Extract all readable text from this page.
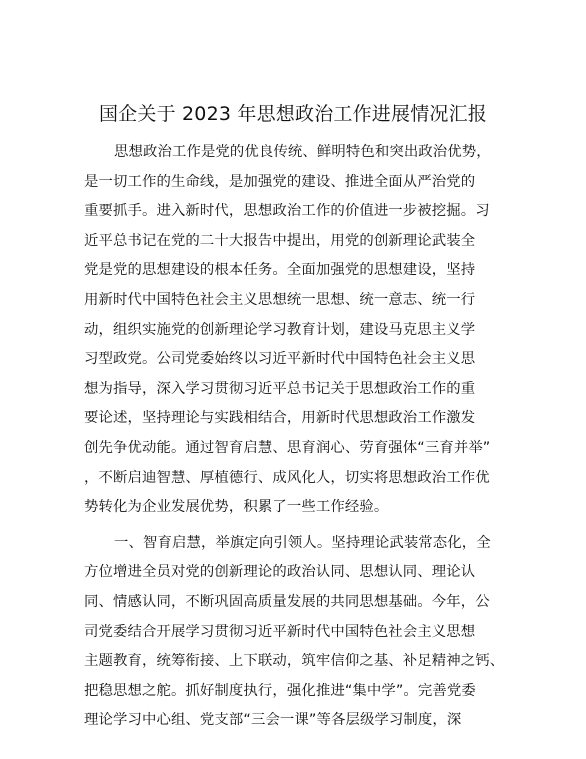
国企关于 2023 年思想政治工作进展情况汇报
思想政治工作是党的优良传统、鲜明特色和突出政治优势，
是一切工作的生命线，是加强党的建设、推进全面从严治党的
重要抓手。进入新时代，思想政治工作的价值进一步被挖掘。习
近平总书记在党的二十大报告中提出，用党的创新理论武装全
党是党的思想建设的根本任务。全面加强党的思想建设，坚持
用新时代中国特色社会主义思想统一思想、统一意志、统一行
动，组织实施党的创新理论学习教育计划，建设马克思主义学
习型政党。公司党委始终以习近平新时代中国特色社会主义思
想为指导，深入学习贯彻习近平总书记关于思想政治工作的重
要论述，坚持理论与实践相结合，用新时代思想政治工作激发
创先争优动能。通过智育启慧、思育润心、劳育强体“三育并举”
，不断启迪智慧、厚植德行、成风化人，切实将思想政治工作优
势转化为企业发展优势，积累了一些工作经验。
一、智育启慧，举旗定向引领人。坚持理论武装常态化，全
方位增进全员对党的创新理论的政治认同、思想认同、理论认
同、情感认同，不断巩固高质量发展的共同思想基础。今年，公
司党委结合开展学习贯彻习近平新时代中国特色社会主义思想
主题教育，统筹衔接、上下联动，筑牢信仰之基、补足精神之钙、
把稳思想之舵。抓好制度执行，强化推进“集中学”。完善党委
理论学习中心组、党支部“三会一课”等各层级学习制度，深
